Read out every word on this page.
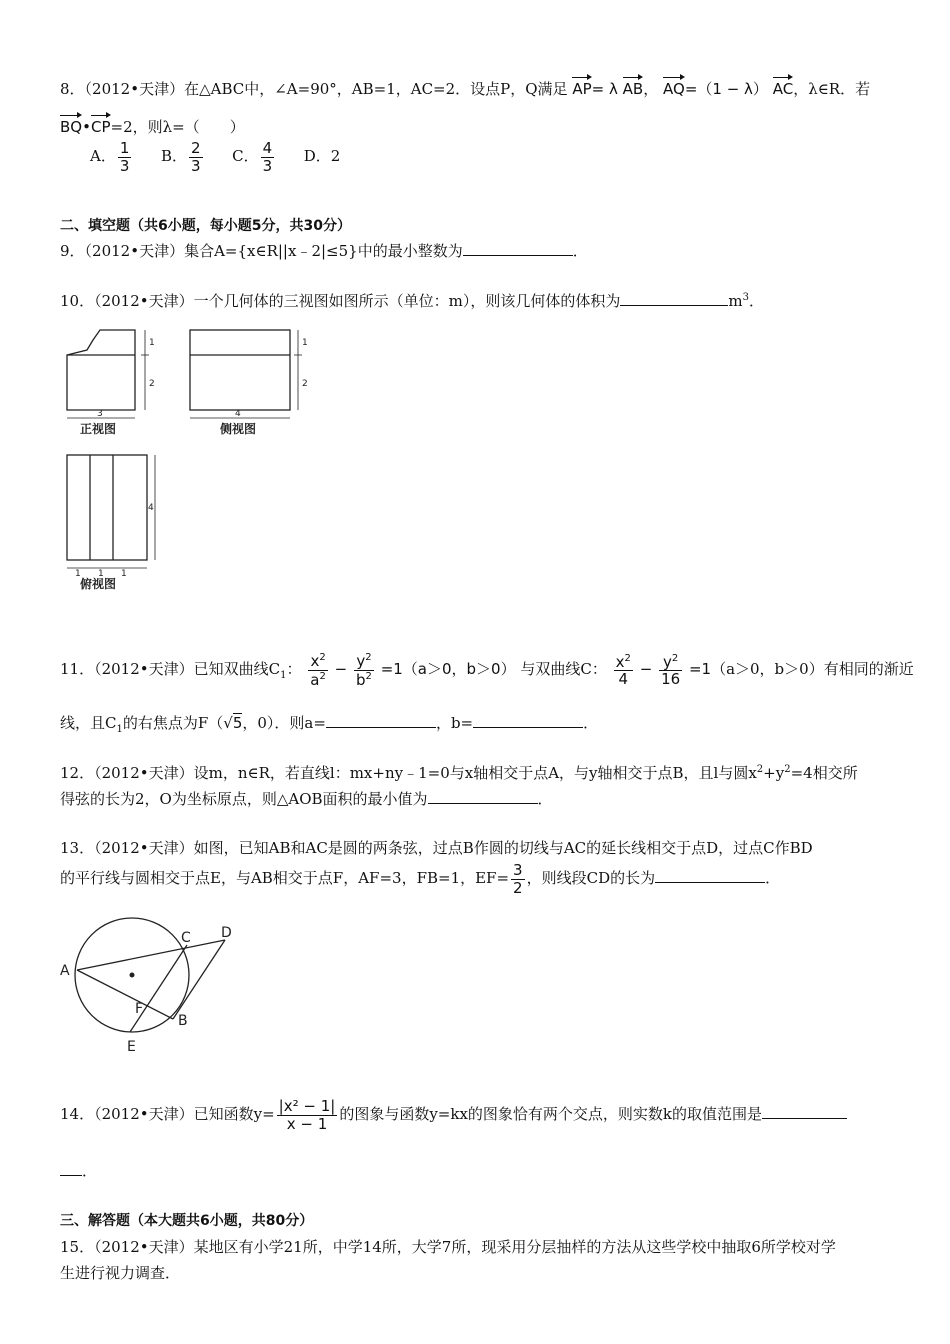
8．（2012•天津）在△ABC中，∠A=90°，AB=1，AC=2．设点P，Q满足 AP= λ AB， AQ=（1 − λ） AC，λ∈R．若
BQ•CP=2，则λ=（　　）
A． $\frac{1}{3}$ B． $\frac{2}{3}$ C． $\frac{4}{3}$ D．2
二、填空题（共6小题，每小题5分，共30分）
9．（2012•天津）集合A={x∈R||x﹣2|≤5}中的最小整数为	．
10．（2012•天津）一个几何体的三视图如图所示（单位：m），则该几何体的体积为	$m^3$．
1
2
3
1
2
4
4
1 1 1
正视图	侧视图
俯视图
11．（2012•天津）已知双曲线$C_1$： $\frac{x^2}{a^2} - \frac{y^2}{b^2} =1(a>0$，b＞0） 与双曲线C： $\frac{x^2}{4} - \frac{y^2}{16} =1(a>0$，b＞0）有相同的渐近
线，且$C_1$的右焦点为F（√5，0）．则a=	，b=	．
12．（2012•天津）设m，n∈R，若直线l：mx+ny﹣1=0与x轴相交于点A，与y轴相交于点B，且l与圆$x^2+y^2=4$相交所
得弦的长为2，O为坐标原点，则△AOB面积的最小值为	．
13．（2012•天津）如图，已知AB和AC是圆的两条弦，过点B作圆的切线与AC的延长线相交于点D，过点C作BD
的平行线与圆相交于点E，与AB相交于点F，AF=3，FB=1，$EF= \frac{3}{2}$ ，则线段CD的长为	．
A
C D
F
B
E
14．（2012•天津）已知函数$y= \frac{\text{|x² − 1|}}{x - 1}$ 的图象与函数y=kx的图象恰有两个交点，则实数k的取值范围是
．
三、解答题（本大题共6小题，共80分）
15．（2012•天津）某地区有小学21所，中学14所，大学7所，现采用分层抽样的方法从这些学校中抽取6所学校对学
生进行视力调查．
